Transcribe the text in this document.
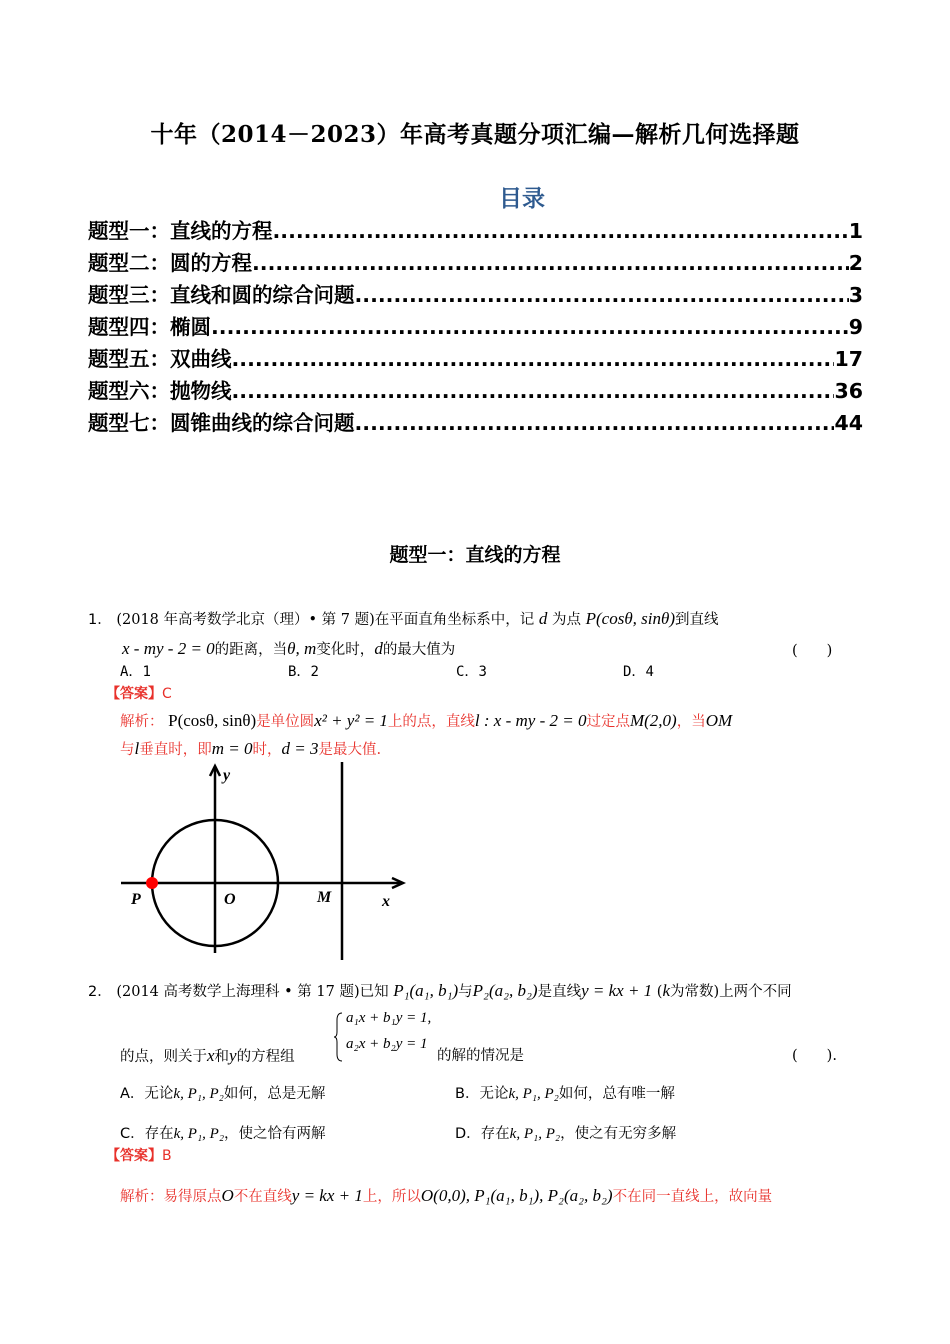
十年（2014－2023）年高考真题分项汇编—解析几何选择题
目录
题型一：直线的方程 .....	1
题型二：圆的方程 .....	2
题型三：直线和圆的综合问题 .....	3
题型四：椭圆 .....	9
题型五：双曲线 .....	17
题型六：抛物线 .....	36
题型七：圆锥曲线的综合问题 .....	44
题型一：直线的方程
1． (2018 年高考数学北京（理）• 第 7 题)在平面直角坐标系中，记 d 为点 P(cosθ, sinθ)到直线
x - my - 2 = 0的距离，当θ, m变化时，d的最大值为	(　　)
A．1	B．2	C．3	D．4
【答案】C
解析： P(cosθ, sinθ)是单位圆x² + y² = 1上的点，直线l : x - my - 2 = 0过定点M(2,0)，当OM
与l垂直时，即m = 0时，d = 3是最大值.
y
x
P	O	M
2． (2014 高考数学上海理科 • 第 17 题)已知 P₁(a₁, b₁)与P₂(a₂, b₂)是直线y = kx + 1 (k为常数)上两个不同
的点，则关于x和y的方程组
a₁x + b₁y = 1,
a₂x + b₂y = 1
的解的情况是	(　　).
A．无论k, P₁, P₂如何，总是无解	B．无论k, P₁, P₂如何，总有唯一解
C．存在k, P₁, P₂，使之恰有两解	D．存在k, P₁, P₂，使之有无穷多解
【答案】B
解析：易得原点O不在直线y = kx + 1上，所以O(0,0), P₁(a₁, b₁), P₂(a₂, b₂)不在同一直线上，故向量
